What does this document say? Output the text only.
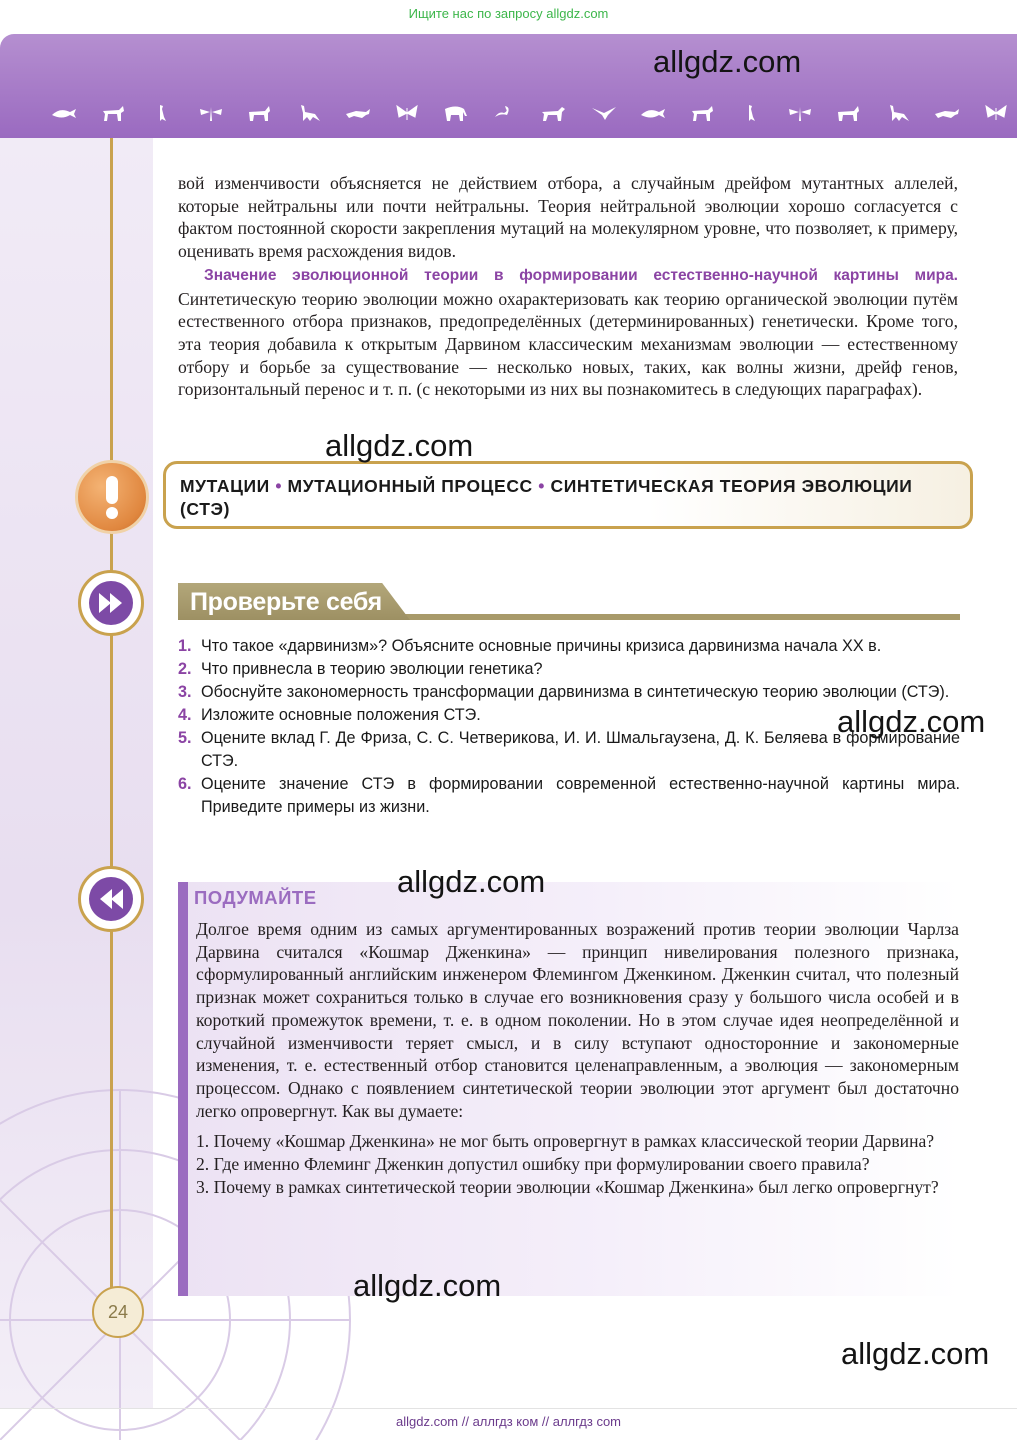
Ищите нас по запросу allgdz.com

вой изменчивости объясняется не действием отбора, а случайным дрейфом мутантных аллелей, которые нейтральны или почти нейтральны. Теория нейтральной эволюции хорошо согласуется с фактом постоянной скорости закрепления мутаций на молекулярном уровне, что позволяет, к примеру, оценивать время расхождения видов.

Значение эволюционной теории в формировании естественно-научной картины мира. Синтетическую теорию эволюции можно охарактеризовать как теорию органической эволюции путём естественного отбора признаков, предопределённых (детерминированных) генетически. Кроме того, эта теория добавила к открытым Дарвином классическим механизмам эволюции — естественному отбору и борьбе за существование — несколько новых, таких, как волны жизни, дрейф генов, горизонтальный перенос и т. п. (с некоторыми из них вы познакомитесь в следующих параграфах).

МУТАЦИИ • МУТАЦИОННЫЙ ПРОЦЕСС • СИНТЕТИЧЕСКАЯ ТЕОРИЯ ЭВОЛЮЦИИ (СТЭ)
Проверьте себя
1. Что такое «дарвинизм»? Объясните основные причины кризиса дарвинизма начала XX в.
2. Что привнесла в теорию эволюции генетика?
3. Обоснуйте закономерность трансформации дарвинизма в синтетическую теорию эволюции (СТЭ).
4. Изложите основные положения СТЭ.
5. Оцените вклад Г. Де Фриза, С. С. Четверикова, И. И. Шмальгаузена, Д. К. Беляева в формирование СТЭ.
6. Оцените значение СТЭ в формировании современной естественно-научной картины мира. Приведите примеры из жизни.
ПОДУМАЙТЕ

Долгое время одним из самых аргументированных возражений против теории эволюции Чарлза Дарвина считался «Кошмар Дженкина» — принцип нивелирования полезного признака, сформулированный английским инженером Флемингом Дженкином. Дженкин считал, что полезный признак может сохраниться только в случае его возникновения сразу у большого числа особей и в короткий промежуток времени, т. е. в одном поколении. Но в этом случае идея неопределённой и случайной изменчивости теряет смысл, и в силу вступают односторонние и закономерные изменения, т. е. естественный отбор становится целенаправленным, а эволюция — закономерным процессом. Однако с появлением синтетической теории эволюции этот аргумент был достаточно легко опровергнут. Как вы думаете:

1. Почему «Кошмар Дженкина» не мог быть опровергнут в рамках классической теории Дарвина?

2. Где именно Флеминг Дженкин допустил ошибку при формулировании своего правила?

3. Почему в рамках синтетической теории эволюции «Кошмар Дженкина» был легко опровергнут?

24
allgdz.com
allgdz.com
allgdz.com
allgdz.com
allgdz.com
allgdz.com
allgdz.com // аллгдз ком // аллгдз com
